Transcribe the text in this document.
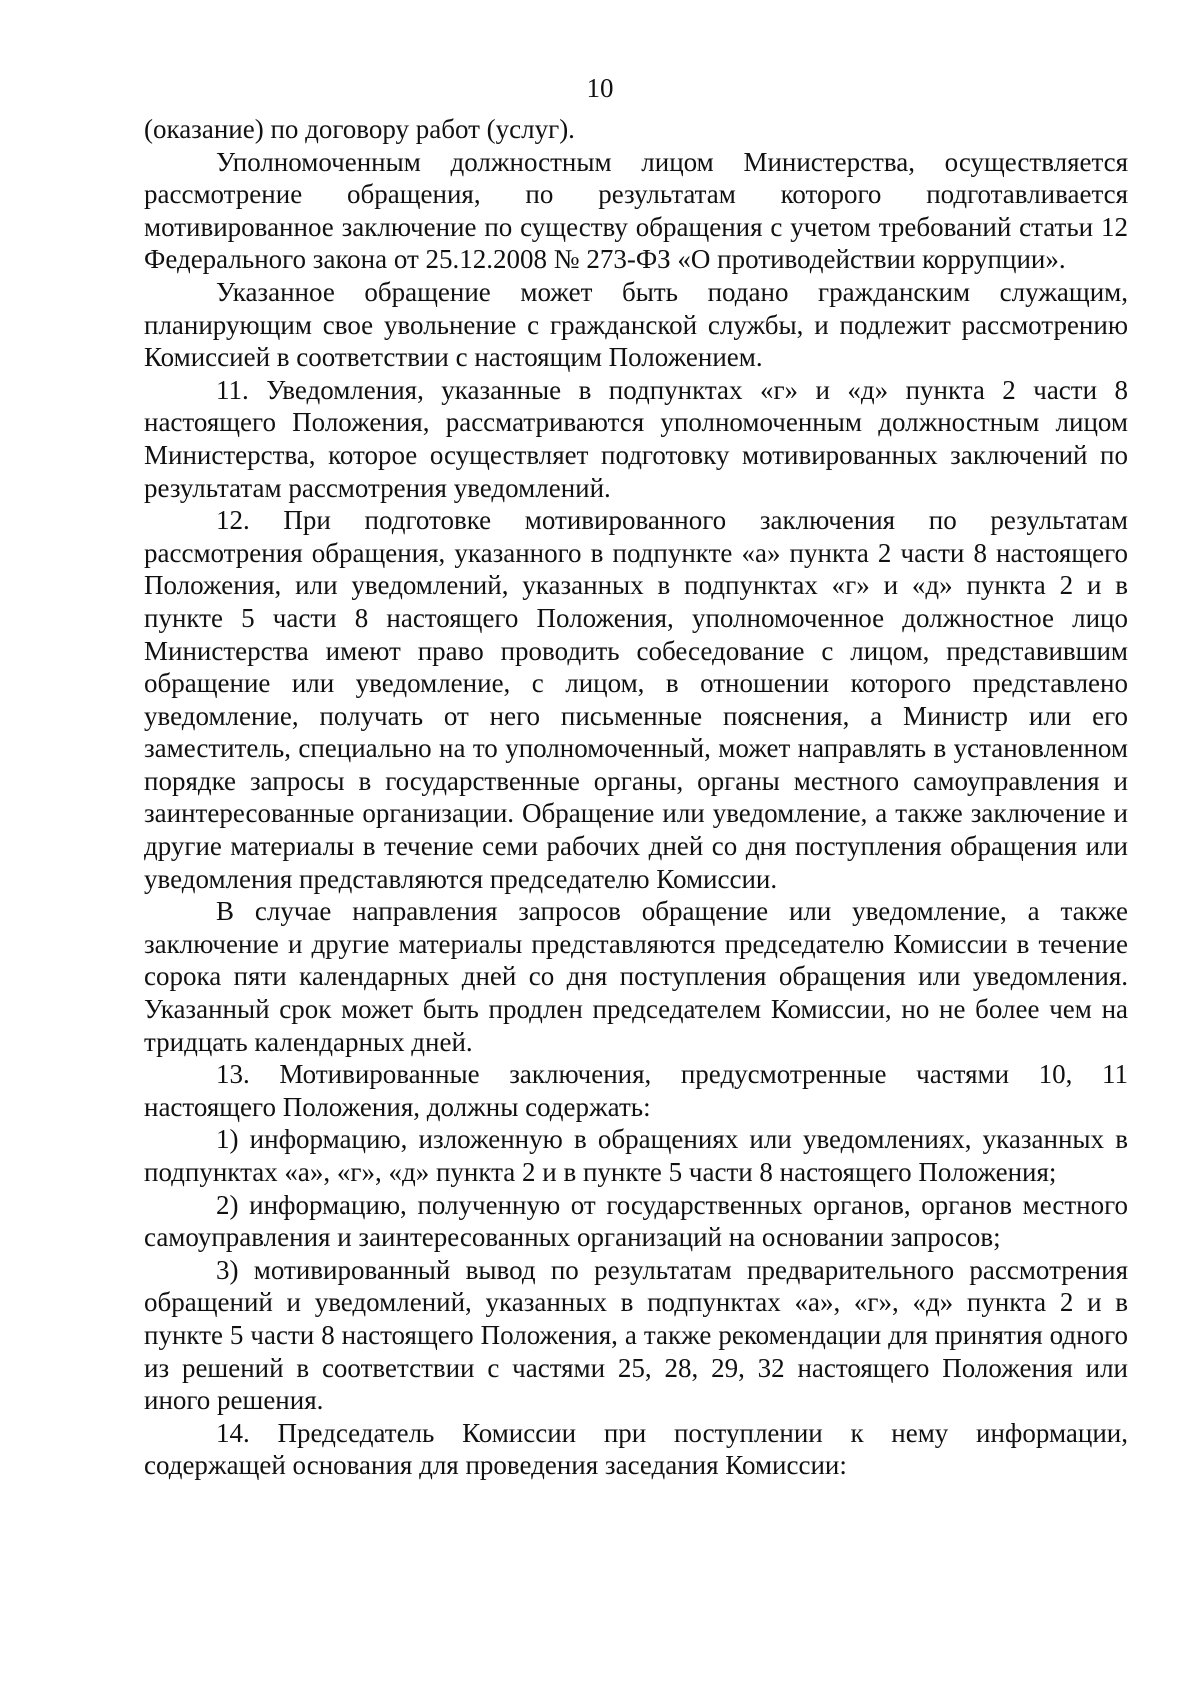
10

(оказание) по договору работ (услуг).

Уполномоченным должностным лицом Министерства, осуществляется рассмотрение обращения, по результатам которого подготавливается мотивированное заключение по существу обращения с учетом требований статьи 12 Федерального закона от 25.12.2008 № 273-ФЗ «О противодействии коррупции».

Указанное обращение может быть подано гражданским служащим, планирующим свое увольнение с гражданской службы, и подлежит рассмотрению Комиссией в соответствии с настоящим Положением.

11. Уведомления, указанные в подпунктах «г» и «д» пункта 2 части 8 настоящего Положения, рассматриваются уполномоченным должностным лицом Министерства, которое осуществляет подготовку мотивированных заключений по результатам рассмотрения уведомлений.

12. При подготовке мотивированного заключения по результатам рассмотрения обращения, указанного в подпункте «а» пункта 2 части 8 настоящего Положения, или уведомлений, указанных в подпунктах «г» и «д» пункта 2 и в пункте 5 части 8 настоящего Положения, уполномоченное должностное лицо Министерства имеют право проводить собеседование с лицом, представившим обращение или уведомление, с лицом, в отношении которого представлено уведомление, получать от него письменные пояснения, а Министр или его заместитель, специально на то уполномоченный, может направлять в установленном порядке запросы в государственные органы, органы местного самоуправления и заинтересованные организации. Обращение или уведомление, а также заключение и другие материалы в течение семи рабочих дней со дня поступления обращения или уведомления представляются председателю Комиссии.

В случае направления запросов обращение или уведомление, а также заключение и другие материалы представляются председателю Комиссии в течение сорока пяти календарных дней со дня поступления обращения или уведомления. Указанный срок может быть продлен председателем Комиссии, но не более чем на тридцать календарных дней.

13. Мотивированные заключения, предусмотренные частями 10, 11 настоящего Положения, должны содержать:

1) информацию, изложенную в обращениях или уведомлениях, указанных в подпунктах «а», «г», «д» пункта 2 и в пункте 5 части 8 настоящего Положения;

2) информацию, полученную от государственных органов, органов местного самоуправления и заинтересованных организаций на основании запросов;

3) мотивированный вывод по результатам предварительного рассмотрения обращений и уведомлений, указанных в подпунктах «а», «г», «д» пункта 2 и в пункте 5 части 8 настоящего Положения, а также рекомендации для принятия одного из решений в соответствии с частями 25, 28, 29, 32 настоящего Положения или иного решения.

14. Председатель Комиссии при поступлении к нему информации, содержащей основания для проведения заседания Комиссии:
